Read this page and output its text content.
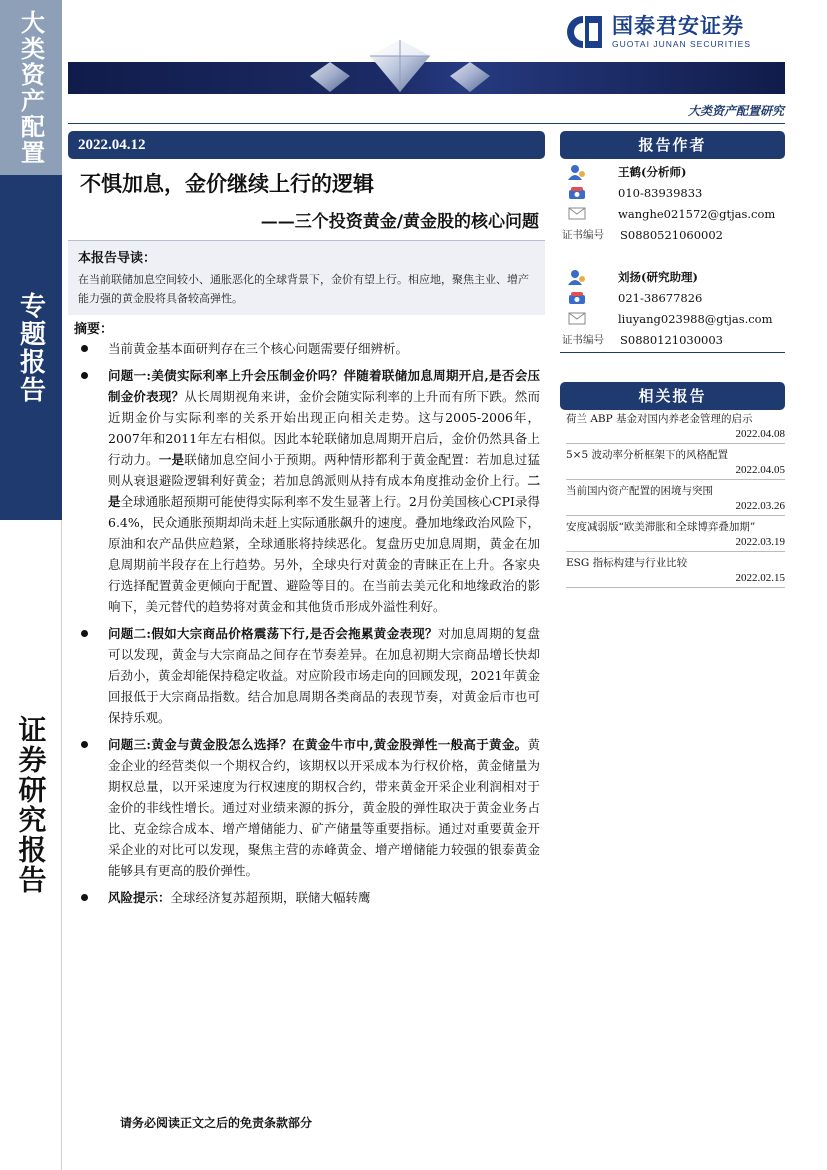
大类资产配置
专题报告
证券研究报告
国泰君安证券
GUOTAI JUNAN SECURITIES
大类资产配置研究
2022.04.12
不惧加息，金价继续上行的逻辑
——三个投资黄金/黄金股的核心问题
本报告导读：

在当前联储加息空间较小、通胀恶化的全球背景下，金价有望上行。相应地，聚焦主业、增产能力强的黄金股将具备较高弹性。

摘要：
当前黄金基本面研判存在三个核心问题需要仔细辨析。
问题一:美债实际利率上升会压制金价吗？伴随着联储加息周期开启,是否会压制金价表现？从长周期视角来讲，金价会随实际利率的上升而有所下跌。然而近期金价与实际利率的关系开始出现正向相关走势。这与2005-2006年，2007年和2011年左右相似。因此本轮联储加息周期开启后，金价仍然具备上行动力。一是联储加息空间小于预期。两种情形都利于黄金配置：若加息过猛则从衰退避险逻辑利好黄金；若加息鸽派则从持有成本角度推动金价上行。二是全球通胀超预期可能使得实际利率不发生显著上行。2月份美国核心CPI录得6.4%，民众通胀预期却尚未赶上实际通胀飙升的速度。叠加地缘政治风险下，原油和农产品供应趋紧，全球通胀将持续恶化。复盘历史加息周期，黄金在加息周期前半段存在上行趋势。另外，全球央行对黄金的青睐正在上升。各家央行选择配置黄金更倾向于配置、避险等目的。在当前去美元化和地缘政治的影响下，美元替代的趋势将对黄金和其他货币形成外溢性利好。
问题二:假如大宗商品价格震荡下行,是否会拖累黄金表现？对加息周期的复盘可以发现，黄金与大宗商品之间存在节奏差异。在加息初期大宗商品增长快却后劲小，黄金却能保持稳定收益。对应阶段市场走向的回顾发现，2021年黄金回报低于大宗商品指数。结合加息周期各类商品的表现节奏，对黄金后市也可保持乐观。
问题三:黄金与黄金股怎么选择？在黄金牛市中,黄金股弹性一般高于黄金。黄金企业的经营类似一个期权合约，该期权以开采成本为行权价格，黄金储量为期权总量，以开采速度为行权速度的期权合约，带来黄金开采企业利润相对于金价的非线性增长。通过对业绩来源的拆分，黄金股的弹性取决于黄金业务占比、克金综合成本、增产增储能力、矿产储量等重要指标。通过对重要黄金开采企业的对比可以发现，聚焦主营的赤峰黄金、增产增储能力较强的银泰黄金能够具有更高的股价弹性。
风险提示：全球经济复苏超预期，联储大幅转鹰
报告作者
王鹤(分析师)
010-83939833
wanghe021572@gtjas.com
证书编号	S0880521060002
刘扬(研究助理)
021-38677826
liuyang023988@gtjas.com
证书编号	S0880121030003
相关报告
荷兰 ABP 基金对国内养老金管理的启示
2022.04.08
5×5 波动率分析框架下的风格配置
2022.04.05
当前国内资产配置的困境与突围
2022.03.26
安度减弱版“欧美滞胀和全球博弈叠加期”
2022.03.19
ESG 指标构建与行业比较
2022.02.15
请务必阅读正文之后的免责条款部分
